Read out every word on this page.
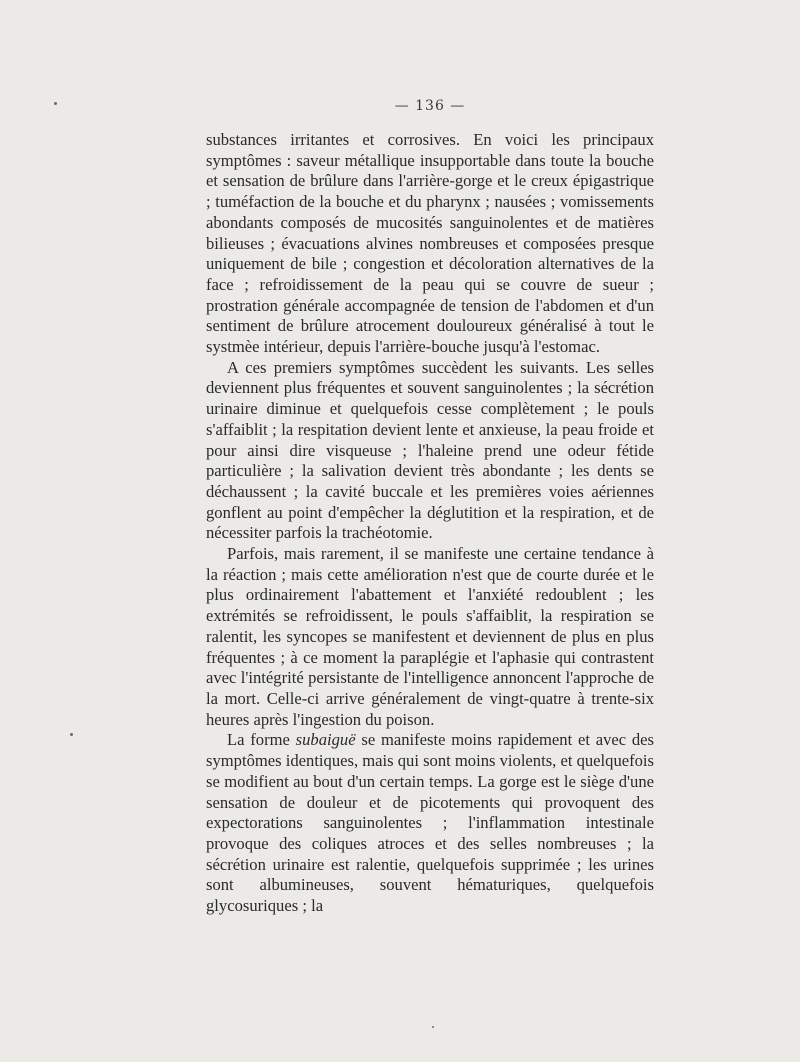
— 136 —

substances irritantes et corrosives. En voici les principaux symptômes : saveur métallique insupportable dans toute la bouche et sensation de brûlure dans l'arrière-gorge et le creux épigastrique ; tuméfaction de la bouche et du pharynx ; nausées ; vomissements abondants composés de mucosités sanguinolentes et de matières bilieuses ; évacuations alvines nombreuses et composées presque uniquement de bile ; congestion et décoloration alternatives de la face ; refroidissement de la peau qui se couvre de sueur ; prostration générale accompagnée de tension de l'abdomen et d'un sentiment de brûlure atrocement douloureux généralisé à tout le systmèe intérieur, depuis l'arrière-bouche jusqu'à l'estomac.

A ces premiers symptômes succèdent les suivants. Les selles deviennent plus fréquentes et souvent sanguinolentes ; la sécrétion urinaire diminue et quelquefois cesse complètement ; le pouls s'affaiblit ; la respitation devient lente et anxieuse, la peau froide et pour ainsi dire visqueuse ; l'haleine prend une odeur fétide particulière ; la salivation devient très abondante ; les dents se déchaussent ; la cavité buccale et les premières voies aériennes gonflent au point d'empêcher la déglutition et la respiration, et de nécessiter parfois la trachéotomie.

Parfois, mais rarement, il se manifeste une certaine tendance à la réaction ; mais cette amélioration n'est que de courte durée et le plus ordinairement l'abattement et l'anxiété redoublent ; les extrémités se refroidissent, le pouls s'affaiblit, la respiration se ralentit, les syncopes se manifestent et deviennent de plus en plus fréquentes ; à ce moment la paraplégie et l'aphasie qui contrastent avec l'intégrité persistante de l'intelligence annoncent l'approche de la mort. Celle-ci arrive généralement de vingt-quatre à trente-six heures après l'ingestion du poison.

La forme subaiguë se manifeste moins rapidement et avec des symptômes identiques, mais qui sont moins violents, et quelquefois se modifient au bout d'un certain temps. La gorge est le siège d'une sensation de douleur et de picotements qui provoquent des expectorations sanguinolentes ; l'inflammation intestinale provoque des coliques atroces et des selles nombreuses ; la sécrétion urinaire est ralentie, quelquefois supprimée ; les urines sont albumineuses, souvent hématuriques, quelquefois glycosuriques ; la
